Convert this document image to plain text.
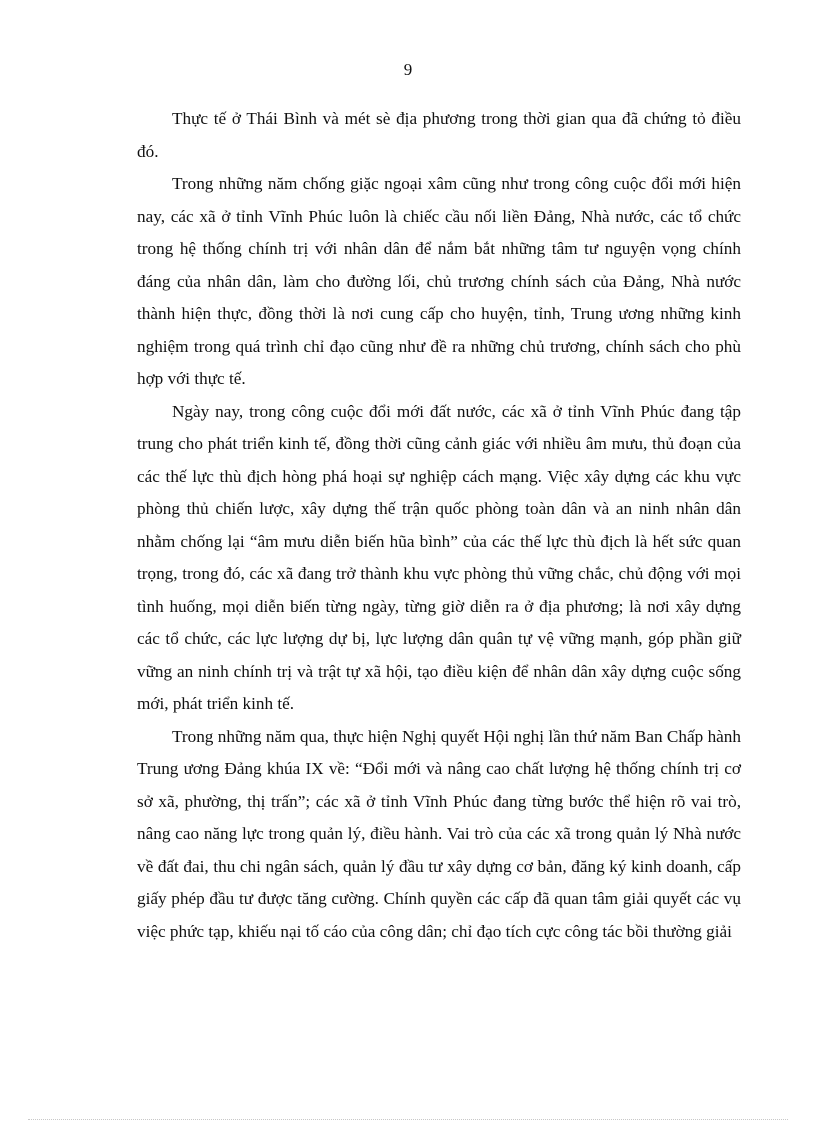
9

Thực tế ở Thái Bình và mét sè địa phương trong thời gian qua đã chứng tỏ điều đó.

Trong những năm chống giặc ngoại xâm cũng như trong công cuộc đổi mới hiện nay, các xã ở tỉnh Vĩnh Phúc luôn là chiếc cầu nối liền Đảng, Nhà nước, các tổ chức trong hệ thống chính trị với nhân dân để nắm bắt những tâm tư nguyện vọng chính đáng của nhân dân, làm cho đường lối, chủ trương chính sách của Đảng, Nhà nước thành hiện thực, đồng thời là nơi cung cấp cho huyện, tỉnh, Trung ương những kinh nghiệm trong quá trình chỉ đạo cũng như đề ra những chủ trương, chính sách cho phù hợp với thực tế.

Ngày nay, trong công cuộc đổi mới đất nước, các xã ở tỉnh Vĩnh Phúc đang tập trung cho phát triển kinh tế, đồng thời cũng cảnh giác với nhiều âm mưu, thủ đoạn của các thế lực thù địch hòng phá hoại sự nghiệp cách mạng. Việc xây dựng các khu vực phòng thủ chiến lược, xây dựng thế trận quốc phòng toàn dân và an ninh nhân dân nhằm chống lại “âm mưu diễn biến hũa bình” của các thế lực thù địch là hết sức quan trọng, trong đó, các xã đang trở thành khu vực phòng thủ vững chắc, chủ động với mọi tình huống, mọi diễn biến từng ngày, từng giờ diễn ra ở địa phương; là nơi xây dựng các tổ chức, các lực lượng dự bị, lực lượng dân quân tự vệ vững mạnh, góp phần giữ vững an ninh chính trị và trật tự xã hội, tạo điều kiện để nhân dân xây dựng cuộc sống mới, phát triển kinh tế.

Trong những năm qua, thực hiện Nghị quyết Hội nghị lần thứ năm Ban Chấp hành Trung ương Đảng khúa IX về: “Đổi mới và nâng cao chất lượng hệ thống chính trị cơ sở xã, phường, thị trấn”; các xã ở tỉnh Vĩnh Phúc đang từng bước thể hiện rõ vai trò, nâng cao năng lực trong quản lý, điều hành. Vai trò của các xã trong quản lý Nhà nước về đất đai, thu chi ngân sách, quản lý đầu tư xây dựng cơ bản, đăng ký kinh doanh, cấp giấy phép đầu tư được tăng cường. Chính quyền các cấp đã quan tâm giải quyết các vụ việc phức tạp, khiếu nại tố cáo của công dân; chỉ đạo tích cực công tác bồi thường giải
